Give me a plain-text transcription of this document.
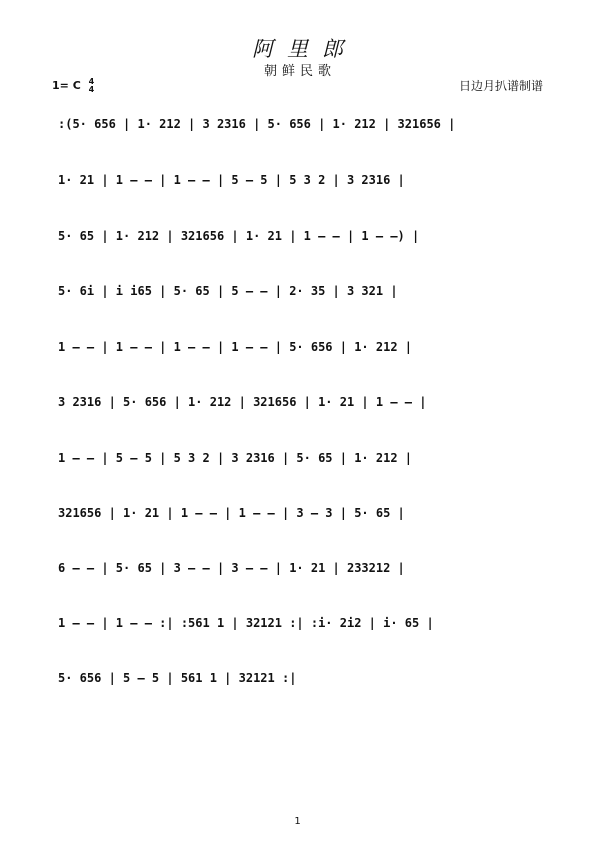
阿里郎
朝鲜民歌
1= C 4
4	日边月扒谱制谱
:(5· 656 | 1· 212 | 3 2316 | 5· 656 | 1· 212 | 321656 |
1· 21 | 1 — — | 1 — — | 5 — 5 | 5 3 2 | 3 2316 |
5· 65 | 1· 212 | 321656 | 1· 21 | 1 — — | 1 — —) |
5· 6i | i i65 | 5· 65 | 5 — — | 2· 35 | 3 321 |
1 — — | 1 — — | 1 — — | 1 — — | 5· 656 | 1· 212 |
3 2316 | 5· 656 | 1· 212 | 321656 | 1· 21 | 1 — — |
1 — — | 5 — 5 | 5 3 2 | 3 2316 | 5· 65 | 1· 212 |
321656 | 1· 21 | 1 — — | 1 — — | 3 — 3 | 5· 65 |
6 — — | 5· 65 | 3 — — | 3 — — | 1· 21 | 233212 |
1 — — | 1 — — :| :561 1 | 32121 :| :i· 2i2 | i· 65 |
5· 656 | 5 — 5 | 561 1 | 32121 :|
1
